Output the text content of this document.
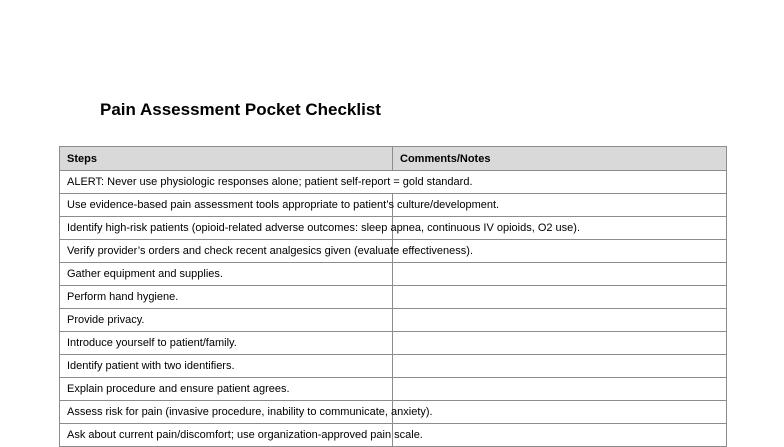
Pain Assessment Pocket Checklist
Steps	Comments/Notes
ALERT: Never use physiologic responses alone; patient self-report = gold standard.	
Use evidence-based pain assessment tools appropriate to patient’s culture/development.	
Identify high-risk patients (opioid-related adverse outcomes: sleep apnea, continuous IV opioids, O2 use).	
Verify provider’s orders and check recent analgesics given (evaluate effectiveness).	
Gather equipment and supplies.	
Perform hand hygiene.	
Provide privacy.	
Introduce yourself to patient/family.	
Identify patient with two identifiers.	
Explain procedure and ensure patient agrees.	
Assess risk for pain (invasive procedure, inability to communicate, anxiety).	
Ask about current pain/discomfort; use organization-approved pain scale.	
